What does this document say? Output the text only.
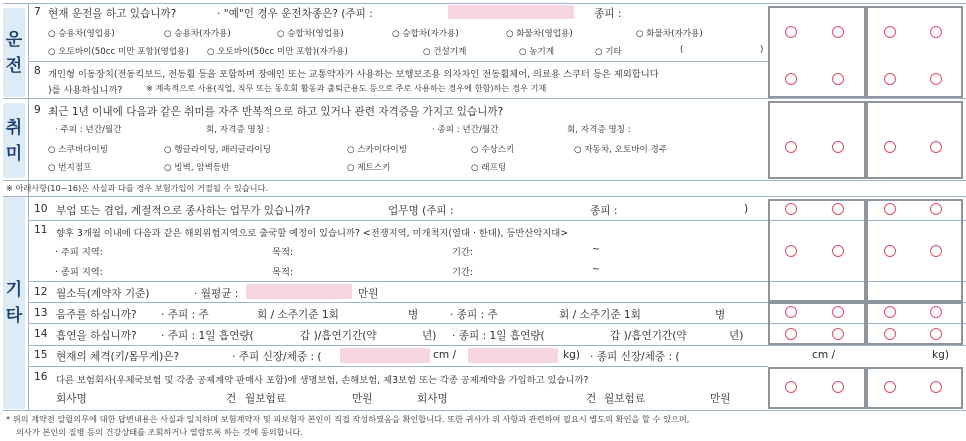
운
전
취
미
기
타
7 현재 운전을 하고 있습니까?	· "예"인 경우 운전차종은? (주피 :	종피 :
○ 승용차(영업용)	○ 승용차(자가용)	○ 승합차(영업용)	○ 승합차(자가용)	○ 화물차(영업용)	○ 화물차(자가용)
○ 오토바이(50cc 미만 포함)(영업용) ○ 오토바이(50cc 미만 포함)(자가용)	○ 건설기계	○ 농기계	○ 기타	(	)
8 개인형 이동장치(전동킥보드, 전동휠 등을 포함하며 장애인 또는 교통약자가 사용하는 보행보조용 의자차인 전동휠체어, 의료용 스쿠터 등은 제외합니다
)를 사용하십니까?	※ 계속적으로 사용(직업, 직무 또는 동호회 활동과 출퇴근용도 등으로 주로 사용하는 경우에 한함)하는 경우 기재
9 최근 1년 이내에 다음과 같은 취미를 자주 반복적으로 하고 있거나 관련 자격증을 가지고 있습니까?
· 주피 : 년간/월간	회, 자격증 명칭 :	· 종피 : 년간/월간	회, 자격증 명칭 :
○ 스쿠버다이빙	○ 행글라이딩, 패러글라이딩	○ 스카이다이빙	○ 수상스키	○ 자동차, 오토바이 경주
○ 번지점프	○ 빙벽, 암벽등반	○ 제트스키	○ 래프팅
※ 아래사항(10~16)은 사실과 다를 경우 보험가입이 거절될 수 있습니다.
10 부업 또는 겸업, 계절적으로 종사하는 업무가 있습니까?	업무명 (주피 :	종피 :	)
11 향후 3개월 이내에 다음과 같은 해외위험지역으로 출국할 예정이 있습니까? <전쟁지역, 미개척지(열대 · 한대), 등반산악지대>
· 주피 지역:	목적:	기간:	~
· 종피 지역:	목적:	기간:	~
12 월소득(계약자 기준)	· 월평균 :	만원
13 음주를 하십니까? · 주피 : 주	회 / 소주기준 1회	병	· 종피 : 주	회 / 소주기준 1회	병
14 흡연을 하십니까? · 주피 : 1일 흡연량(	갑 )/흡연기간(약	년) · 종피 : 1일 흡연량(	갑 )/흡연기간(약	년)
15 현재의 체격(키/몸무게)은?	· 주피 신장/체중 : (	cm /	kg) · 종피 신장/체중 : (	cm /	kg)
16 다른 보험회사(우체국보험 및 각종 공제계약 판매사 포함)에 생명보험, 손해보험, 제3보험 또는 각종 공제계약을 가입하고 있습니까?
회사명	건 월보험료	만원	회사명	건 월보험료	만원
* 위의 계약전 알릴의무에 대한 답변내용은 사실과 일치하며 보험계약자 및 피보험자 본인이 직접 작성하였음을 확인합니다. 또한 귀사가 위 사항과 관련하여 필요시 별도의 확인을 할 수 있으며,
의사가 본인의 질병 등의 건강상태를 조회하거나 열람토록 하는 것에 동의합니다.
